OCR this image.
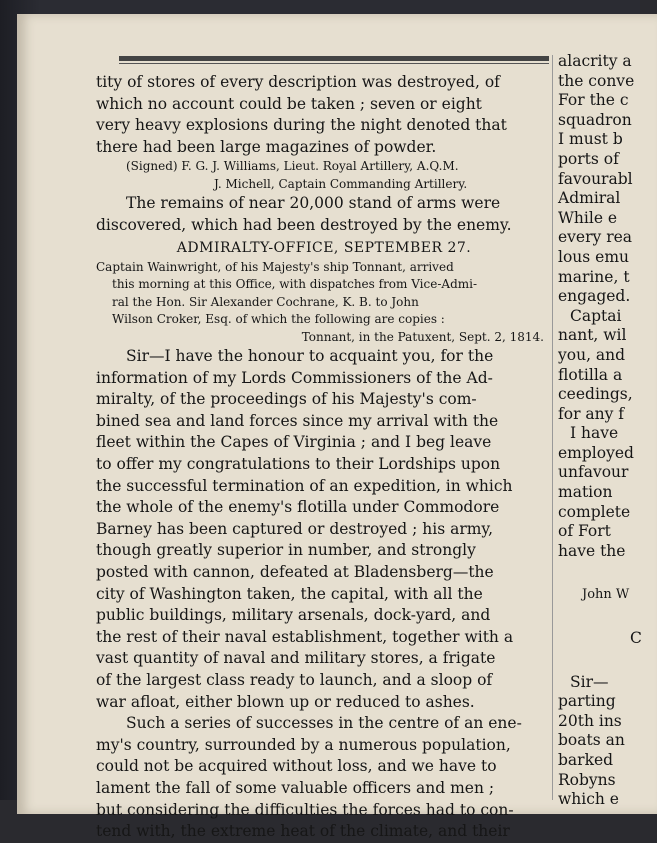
tity of stores of every description was destroyed, of

which no account could be taken ; seven or eight

very heavy explosions during the night denoted that

there had been large magazines of powder.

(Signed) F. G. J. Williams, Lieut. Royal Artillery, A.Q.M.

J. Michell, Captain Commanding Artillery.

The remains of near 20,000 stand of arms were

discovered, which had been destroyed by the enemy.

ADMIRALTY-OFFICE, SEPTEMBER 27.

Captain Wainwright, of his Majesty's ship Tonnant, arrived

this morning at this Office, with dispatches from Vice-Admi-

ral the Hon. Sir Alexander Cochrane, K. B. to John

Wilson Croker, Esq. of which the following are copies :

Tonnant, in the Patuxent, Sept. 2, 1814.

Sir—I have the honour to acquaint you, for the

information of my Lords Commissioners of the Ad-

miralty, of the proceedings of his Majesty's com-

bined sea and land forces since my arrival with the

fleet within the Capes of Virginia ; and I beg leave

to offer my congratulations to their Lordships upon

the successful termination of an expedition, in which

the whole of the enemy's flotilla under Commodore

Barney has been captured or destroyed ; his army,

though greatly superior in number, and strongly

posted with cannon, defeated at Bladensberg—the

city of Washington taken, the capital, with all the

public buildings, military arsenals, dock-yard, and

the rest of their naval establishment, together with a

vast quantity of naval and military stores, a frigate

of the largest class ready to launch, and a sloop of

war afloat, either blown up or reduced to ashes.

Such a series of successes in the centre of an ene-

my's country, surrounded by a numerous population,

could not be acquired without loss, and we have to

lament the fall of some valuable officers and men ;

but considering the difficulties the forces had to con-

tend with, the extreme heat of the climate, and their

alacrity a

the conve

For the c

squadron

I must b

ports of

favourabl

Admiral

While e

every rea

lous emu

marine, t

engaged.

Captai

nant, wil

you, and

flotilla a

ceedings,

for any f

I have

employed

unfavour

mation

complete

of Fort

have the

John W

C

Sir—

parting

20th ins

boats an

barked

Robyns

which e
